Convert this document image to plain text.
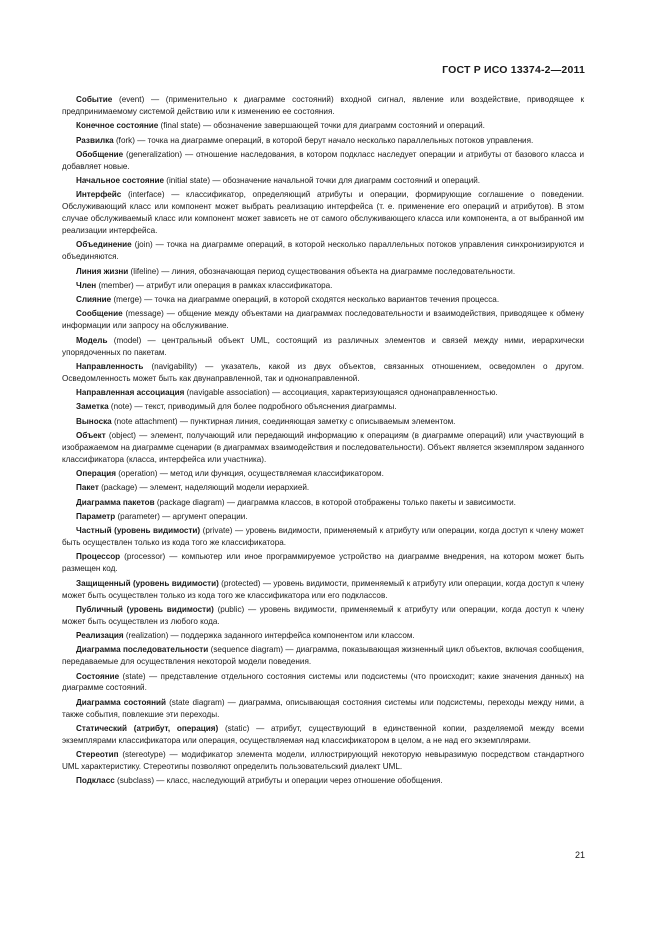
ГОСТ Р ИСО 13374-2—2011

Событие (event) — (применительно к диаграмме состояний) входной сигнал, явление или воздействие, приводящее к предпринимаемому системой действию или к изменению ее состояния.

Конечное состояние (final state) — обозначение завершающей точки для диаграмм состояний и операций.

Развилка (fork) — точка на диаграмме операций, в которой берут начало несколько параллельных потоков управления.

Обобщение (generalization) — отношение наследования, в котором подкласс наследует операции и атрибуты от базового класса и добавляет новые.

Начальное состояние (initial state) — обозначение начальной точки для диаграмм состояний и операций.

Интерфейс (interface) — классификатор, определяющий атрибуты и операции, формирующие соглашение о поведении. Обслуживающий класс или компонент может выбрать реализацию интерфейса (т. е. применение его операций и атрибутов). В этом случае обслуживаемый класс или компонент может зависеть не от самого обслуживающего класса или компонента, а от выбранной им реализации интерфейса.

Объединение (join) — точка на диаграмме операций, в которой несколько параллельных потоков управления синхронизируются и объединяются.

Линия жизни (lifeline) — линия, обозначающая период существования объекта на диаграмме последовательности.

Член (member) — атрибут или операция в рамках классификатора.

Слияние (merge) — точка на диаграмме операций, в которой сходятся несколько вариантов течения процесса.

Сообщение (message) — общение между объектами на диаграммах последовательности и взаимодействия, приводящее к обмену информации или запросу на обслуживание.

Модель (model) — центральный объект UML, состоящий из различных элементов и связей между ними, иерархически упорядоченных по пакетам.

Направленность (navigability) — указатель, какой из двух объектов, связанных отношением, осведомлен о другом. Осведомленность может быть как двунаправленной, так и однонаправленной.

Направленная ассоциация (navigable association) — ассоциация, характеризующаяся однонаправленностью.

Заметка (note) — текст, приводимый для более подробного объяснения диаграммы.

Выноска (note attachment) — пунктирная линия, соединяющая заметку с описываемым элементом.

Объект (object) — элемент, получающий или передающий информацию к операциям (в диаграмме операций) или участвующий в изображаемом на диаграмме сценарии (в диаграммах взаимодействия и последовательности). Объект является экземпляром заданного классификатора (класса, интерфейса или участника).

Операция (operation) — метод или функция, осуществляемая классификатором.

Пакет (package) — элемент, наделяющий модели иерархией.

Диаграмма пакетов (package diagram) — диаграмма классов, в которой отображены только пакеты и зависимости.

Параметр (parameter) — аргумент операции.

Частный (уровень видимости) (private) — уровень видимости, применяемый к атрибуту или операции, когда доступ к члену может быть осуществлен только из кода того же классификатора.

Процессор (processor) — компьютер или иное программируемое устройство на диаграмме внедрения, на котором может быть размещен код.

Защищенный (уровень видимости) (protected) — уровень видимости, применяемый к атрибуту или операции, когда доступ к члену может быть осуществлен только из кода того же классификатора или его подклассов.

Публичный (уровень видимости) (public) — уровень видимости, применяемый к атрибуту или операции, когда доступ к члену может быть осуществлен из любого кода.

Реализация (realization) — поддержка заданного интерфейса компонентом или классом.

Диаграмма последовательности (sequence diagram) — диаграмма, показывающая жизненный цикл объектов, включая сообщения, передаваемые для осуществления некоторой модели поведения.

Состояние (state) — представление отдельного состояния системы или подсистемы (что происходит; какие значения данных) на диаграмме состояний.

Диаграмма состояний (state diagram) — диаграмма, описывающая состояния системы или подсистемы, переходы между ними, а также события, повлекшие эти переходы.

Статический (атрибут, операция) (static) — атрибут, существующий в единственной копии, разделяемой между всеми экземплярами классификатора или операция, осуществляемая над классификатором в целом, а не над его экземплярами.

Стереотип (stereotype) — модификатор элемента модели, иллюстрирующий некоторую невыразимую посредством стандартного UML характеристику. Стереотипы позволяют определить пользовательский диалект UML.

Подкласс (subclass) — класс, наследующий атрибуты и операции через отношение обобщения.

21
